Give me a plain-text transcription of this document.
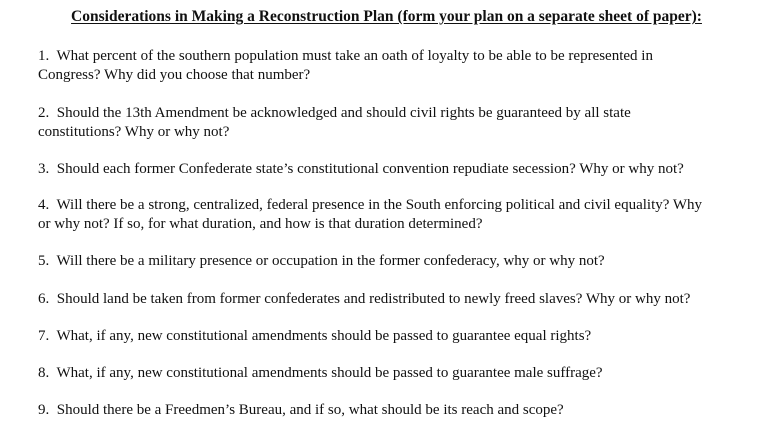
Considerations in Making a Reconstruction Plan (form your plan on a separate sheet of paper):
1. What percent of the southern population must take an oath of loyalty to be able to be represented in
Congress? Why did you choose that number?
2. Should the 13th Amendment be acknowledged and should civil rights be guaranteed by all state
constitutions? Why or why not?
3. Should each former Confederate state’s constitutional convention repudiate secession? Why or why not?
4. Will there be a strong, centralized, federal presence in the South enforcing political and civil equality? Why
or why not? If so, for what duration, and how is that duration determined?
5. Will there be a military presence or occupation in the former confederacy, why or why not?
6. Should land be taken from former confederates and redistributed to newly freed slaves? Why or why not?
7. What, if any, new constitutional amendments should be passed to guarantee equal rights?
8. What, if any, new constitutional amendments should be passed to guarantee male suffrage?
9. Should there be a Freedmen’s Bureau, and if so, what should be its reach and scope?
